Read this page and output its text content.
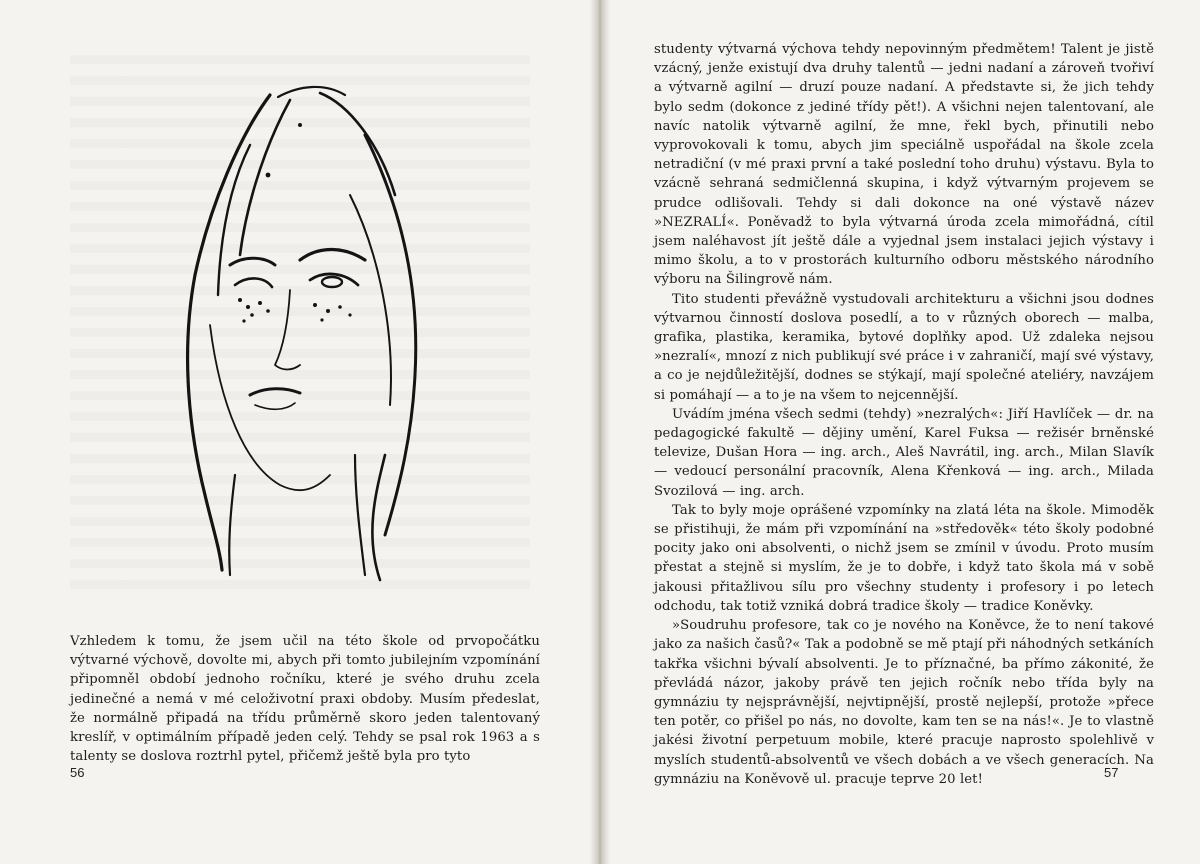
Vzhledem k tomu, že jsem učil na této škole od prvopočátku výtvarné výchově, dovolte mi, abych při tomto jubilejním vzpomínání připomněl období jednoho ročníku, které je svého druhu zcela jedinečné a nemá v mé celoživotní praxi obdoby. Musím předeslat, že normálně připadá na třídu průměrně skoro jeden talentovaný kreslíř, v optimálním případě jeden celý. Tehdy se psal rok 1963 a s talenty se doslova roztrhl pytel, přičemž ještě byla pro tyto

56

studenty výtvarná výchova tehdy nepovinným předmětem! Talent je jistě vzácný, jenže existují dva druhy talentů — jedni nadaní a zároveň tvořiví a výtvarně agilní — druzí pouze nadaní. A představte si, že jich tehdy bylo sedm (dokonce z jediné třídy pět!). A všichni nejen talentovaní, ale navíc natolik výtvarně agilní, že mne, řekl bych, přinutili nebo vyprovokovali k tomu, abych jim speciálně uspořádal na škole zcela netradiční (v mé praxi první a také poslední toho druhu) výstavu. Byla to vzácně sehraná sedmičlenná skupina, i když výtvarným projevem se prudce odlišovali. Tehdy si dali dokonce na oné výstavě název »NEZRALÍ«. Poněvadž to byla výtvarná úroda zcela mimořádná, cítil jsem naléhavost jít ještě dále a vyjednal jsem instalaci jejich výstavy i mimo školu, a to v prostorách kulturního odboru městského národního výboru na Šilingrově nám.

Tito studenti převážně vystudovali architekturu a všichni jsou dodnes výtvarnou činností doslova posedlí, a to v různých oborech — malba, grafika, plastika, keramika, bytové doplňky apod. Už zdaleka nejsou »nezralí«, mnozí z nich publikují své práce i v zahraničí, mají své výstavy, a co je nejdůležitější, dodnes se stýkají, mají společné ateliéry, navzájem si pomáhají — a to je na všem to nejcennější.

Uvádím jména všech sedmi (tehdy) »nezralých«: Jiří Havlíček — dr. na pedagogické fakultě — dějiny umění, Karel Fuksa — režisér brněnské televize, Dušan Hora — ing. arch., Aleš Navrátil, ing. arch., Milan Slavík — vedoucí personální pracovník, Alena Křenková — ing. arch., Milada Svozilová — ing. arch.

Tak to byly moje oprášené vzpomínky na zlatá léta na škole. Mimoděk se přistihuji, že mám při vzpomínání na »středověk« této školy podobné pocity jako oni absolventi, o nichž jsem se zmínil v úvodu. Proto musím přestat a stejně si myslím, že je to dobře, i když tato škola má v sobě jakousi přitažlivou sílu pro všechny studenty i profesory i po letech odchodu, tak totiž vzniká dobrá tradice školy — tradice Koněvky.

»Soudruhu profesore, tak co je nového na Koněvce, že to není takové jako za našich časů?« Tak a podobně se mě ptají při náhodných setkáních takřka všichni bývalí absolventi. Je to příznačné, ba přímo zákonité, že převládá názor, jakoby právě ten jejich ročník nebo třída byly na gymnáziu ty nejsprávnější, nejvtipnější, prostě nejlepší, protože »přece ten potěr, co přišel po nás, no dovolte, kam ten se na nás!«. Je to vlastně jakési životní perpetuum mobile, které pracuje naprosto spolehlivě v myslích studentů-absolventů ve všech dobách a ve všech generacích. Na gymnáziu na Koněvově ul. pracuje teprve 20 let!	57
